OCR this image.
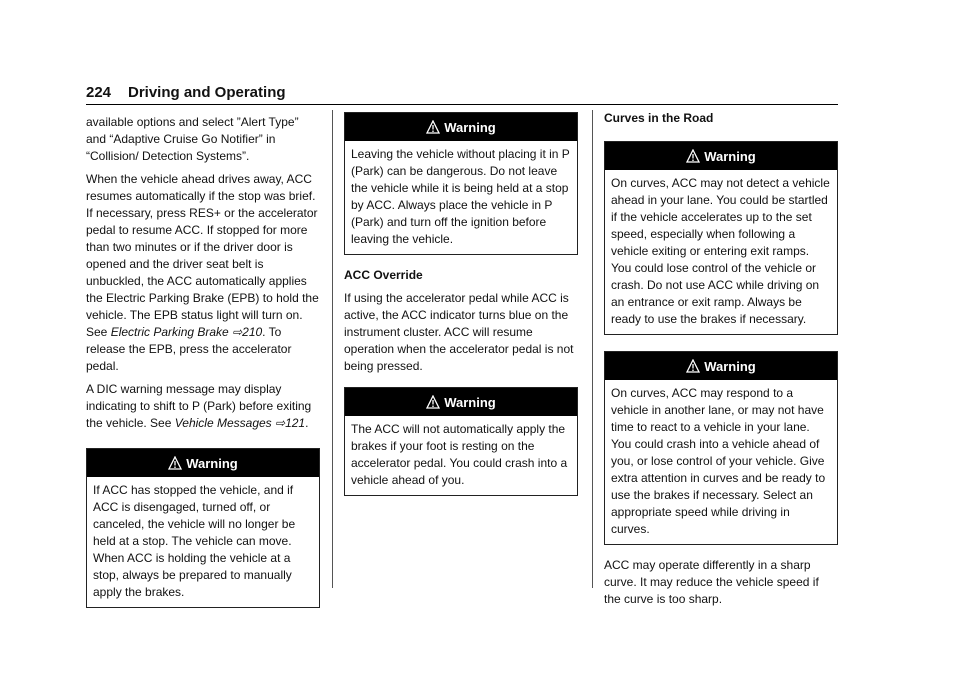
224 Driving and Operating

available options and select ”Alert Type” and “Adaptive Cruise Go Notifier” in “Collision/ Detection Systems”.

When the vehicle ahead drives away, ACC resumes automatically if the stop was brief. If necessary, press RES+ or the accelerator pedal to resume ACC. If stopped for more than two minutes or if the driver door is opened and the driver seat belt is unbuckled, the ACC automatically applies the Electric Parking Brake (EPB) to hold the vehicle. The EPB status light will turn on. See Electric Parking Brake ⇨210. To release the EPB, press the accelerator pedal.

A DIC warning message may display indicating to shift to P (Park) before exiting the vehicle. See Vehicle Messages ⇨121.

Warning
If ACC has stopped the vehicle, and if ACC is disengaged, turned off, or canceled, the vehicle will no longer be held at a stop. The vehicle can move. When ACC is holding the vehicle at a stop, always be prepared to manually apply the brakes.
Warning
Leaving the vehicle without placing it in P (Park) can be dangerous. Do not leave the vehicle while it is being held at a stop by ACC. Always place the vehicle in P (Park) and turn off the ignition before leaving the vehicle.

ACC Override

If using the accelerator pedal while ACC is active, the ACC indicator turns blue on the instrument cluster. ACC will resume operation when the accelerator pedal is not being pressed.

Warning
The ACC will not automatically apply the brakes if your foot is resting on the accelerator pedal. You could crash into a vehicle ahead of you.

Curves in the Road

Warning
On curves, ACC may not detect a vehicle ahead in your lane. You could be startled if the vehicle accelerates up to the set speed, especially when following a vehicle exiting or entering exit ramps. You could lose control of the vehicle or crash. Do not use ACC while driving on an entrance or exit ramp. Always be ready to use the brakes if necessary.
Warning
On curves, ACC may respond to a vehicle in another lane, or may not have time to react to a vehicle in your lane. You could crash into a vehicle ahead of you, or lose control of your vehicle. Give extra attention in curves and be ready to use the brakes if necessary. Select an appropriate speed while driving in curves.

ACC may operate differently in a sharp curve. It may reduce the vehicle speed if the curve is too sharp.
